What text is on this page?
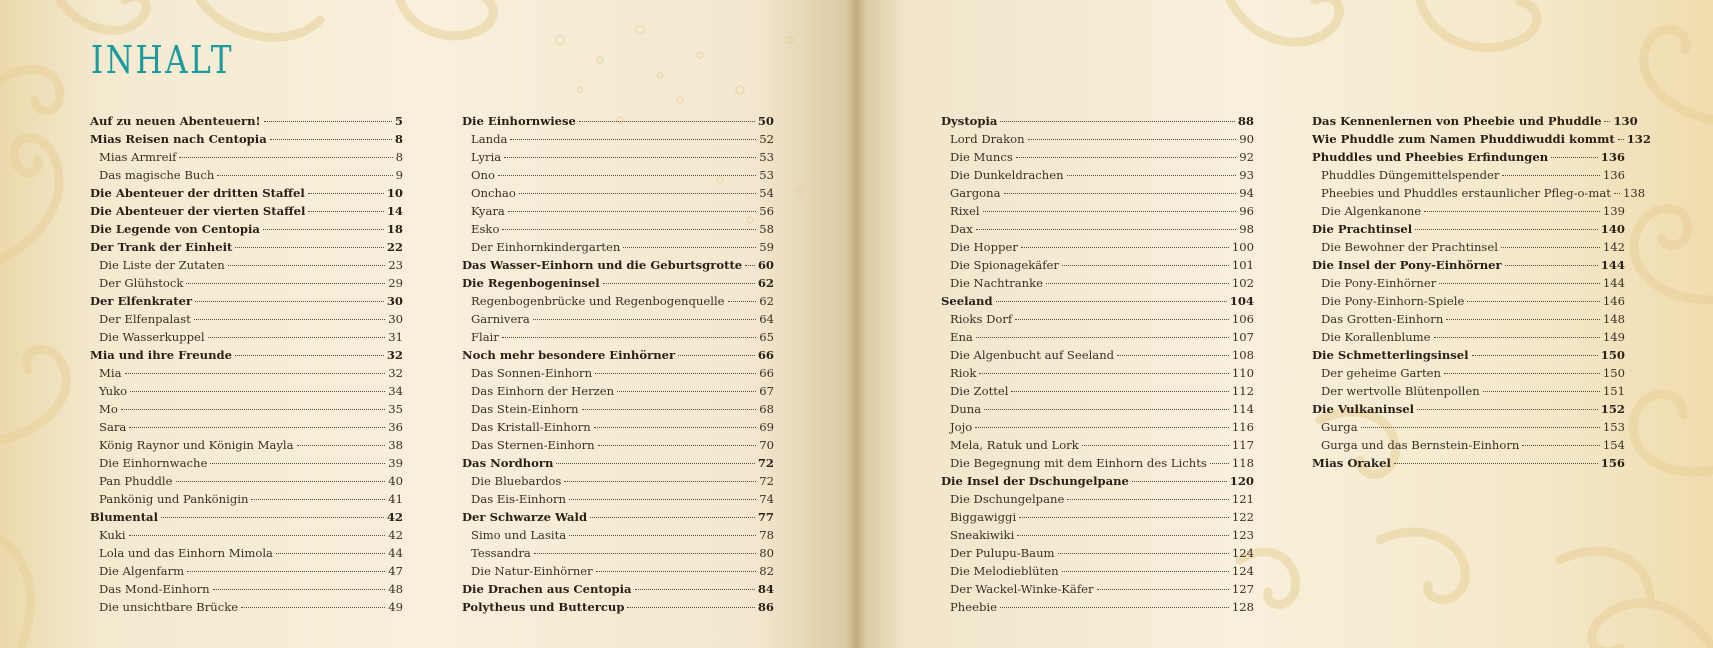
INHALT
Auf zu neuen Abenteuern!	5
Mias Reisen nach Centopia	8
Mias Armreif	8
Das magische Buch	9
Die Abenteuer der dritten Staffel	10
Die Abenteuer der vierten Staffel	14
Die Legende von Centopia	18
Der Trank der Einheit	22
Die Liste der Zutaten	23
Der Glühstock	29
Der Elfenkrater	30
Der Elfenpalast	30
Die Wasserkuppel	31
Mia und ihre Freunde	32
Mia	32
Yuko	34
Mo	35
Sara	36
König Raynor und Königin Mayla	38
Die Einhornwache	39
Pan Phuddle	40
Pankönig und Pankönigin	41
Blumental	42
Kuki	42
Lola und das Einhorn Mimola	44
Die Algenfarm	47
Das Mond-Einhorn	48
Die unsichtbare Brücke	49
Die Einhornwiese	50
Landa	52
Lyria	53
Ono	53
Onchao	54
Kyara	56
Esko	58
Der Einhornkindergarten	59
Das Wasser-Einhorn und die Geburtsgrotte 60
Die Regenbogeninsel	62
Regenbogenbrücke und Regenbogenquelle	62
Garnivera	64
Flair	65
Noch mehr besondere Einhörner	66
Das Sonnen-Einhorn	66
Das Einhorn der Herzen	67
Das Stein-Einhorn	68
Das Kristall-Einhorn	69
Das Sternen-Einhorn	70
Das Nordhorn	72
Die Bluebardos	72
Das Eis-Einhorn	74
Der Schwarze Wald	77
Simo und Lasita	78
Tessandra	80
Die Natur-Einhörner	82
Die Drachen aus Centopia	84
Polytheus und Buttercup	86
Dystopia	88
Lord Drakon	90
Die Muncs	92
Die Dunkeldrachen	93
Gargona	94
Rixel	96
Dax	98
Die Hopper	100
Die Spionagekäfer	101
Die Nachtranke	102
Seeland	104
Rioks Dorf	106
Ena	107
Die Algenbucht auf Seeland	108
Riok	110
Die Zottel	112
Duna	114
Jojo	116
Mela, Ratuk und Lork	117
Die Begegnung mit dem Einhorn des Lichts 118
Die Insel der Dschungelpane	120
Die Dschungelpane	121
Biggawiggi	122
Sneakiwiki	123
Der Pulupu-Baum	124
Die Melodieblüten	124
Der Wackel-Winke-Käfer	127
Pheebie	128
Das Kennenlernen von Pheebie und Phuddle 130
Wie Phuddle zum Namen Phuddiwuddi kommt 132
Phuddles und Pheebies Erfindungen	136
Phuddles Düngemittelspender	136
Pheebies und Phuddles erstaunlicher Pfleg-o-mat 138
Die Algenkanone	139
Die Prachtinsel	140
Die Bewohner der Prachtinsel	142
Die Insel der Pony-Einhörner	144
Die Pony-Einhörner	144
Die Pony-Einhorn-Spiele	146
Das Grotten-Einhorn	148
Die Korallenblume	149
Die Schmetterlingsinsel	150
Der geheime Garten	150
Der wertvolle Blütenpollen	151
Die Vulkaninsel	152
Gurga	153
Gurga und das Bernstein-Einhorn	154
Mias Orakel	156
